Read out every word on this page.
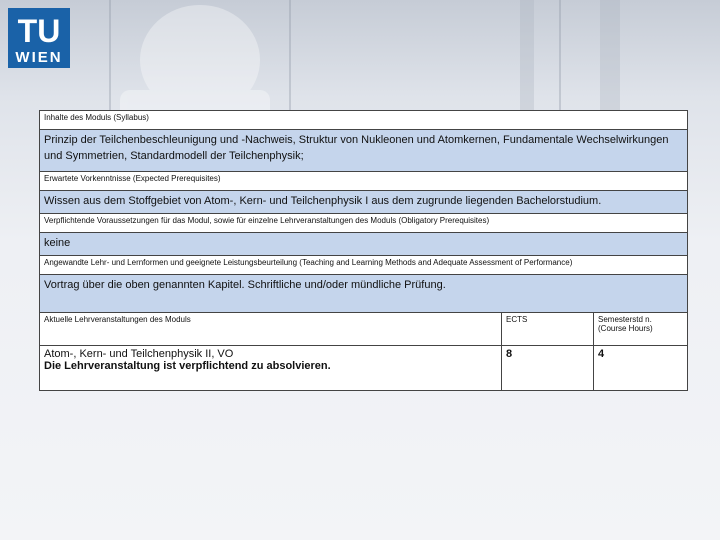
TU
WIEN
Inhalte des Moduls (Syllabus)		
Prinzip der Teilchenbeschleunigung und -Nachweis, Struktur von Nukleonen und Atomkernen, Fundamentale Wechselwirkungen und Symmetrien, Standardmodell der Teilchenphysik;		
Erwartete Vorkenntnisse (Expected Prerequisites)		
Wissen aus dem Stoffgebiet von Atom-, Kern- und Teilchenphysik I aus dem zugrunde liegenden Bachelorstudium.		
Verpflichtende Voraussetzungen für das Modul, sowie für einzelne Lehrveranstaltungen des Moduls (Obligatory Prerequisites)		
keine		
Angewandte Lehr- und Lernformen und geeignete Leistungsbeurteilung (Teaching and Learning Methods and Adequate Assessment of Performance)		
Vortrag über die oben genannten Kapitel. Schriftliche und/oder mündliche Prüfung.		
Aktuelle Lehrveranstaltungen des Moduls	ECTS	Semesterstd n.
(Course Hours)

Atom-, Kern- und Teilchenphysik II, VO
Die Lehrveranstaltung ist verpflichtend zu absolvieren.	8	4
